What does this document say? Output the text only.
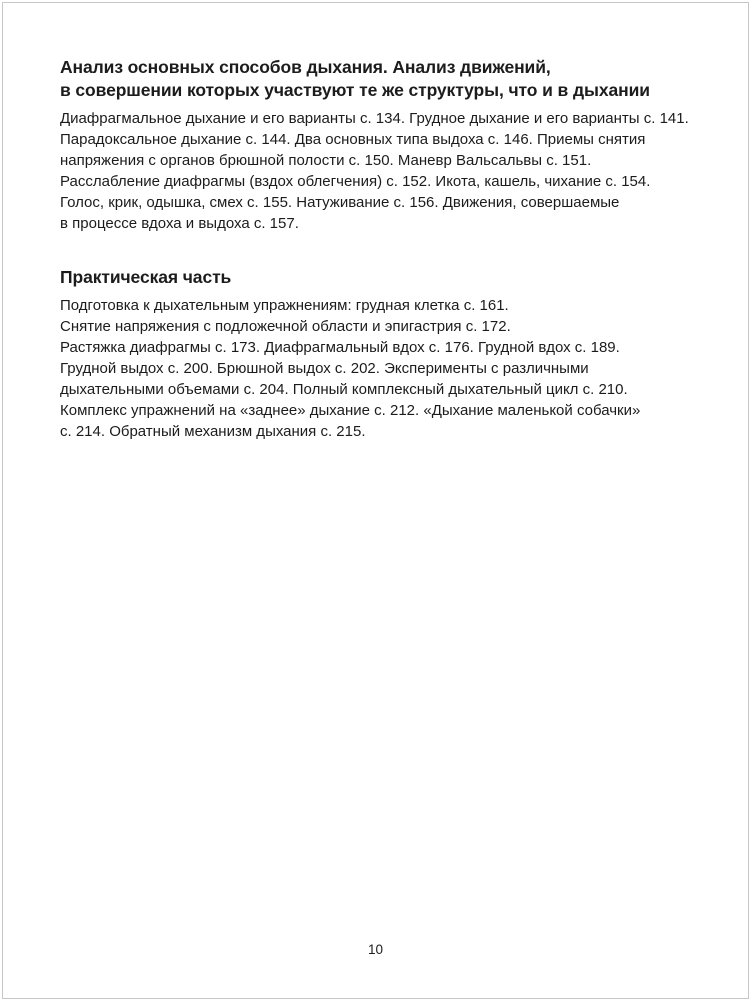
Анализ основных способов дыхания. Анализ движений,
в совершении которых участвуют те же структуры, что и в дыхании
Диафрагмальное дыхание и его варианты с. 134. Грудное дыхание и его варианты с. 141.
Парадоксальное дыхание с. 144. Два основных типа выдоха с. 146. Приемы снятия
напряжения с органов брюшной полости с. 150. Маневр Вальсальвы с. 151.
Расслабление диафрагмы (вздох облегчения) с. 152. Икота, кашель, чихание с. 154.
Голос, крик, одышка, смех с. 155. Натуживание с. 156. Движения, совершаемые
в процессе вдоха и выдоха с. 157.
Практическая часть
Подготовка к дыхательным упражнениям: грудная клетка с. 161.
Снятие напряжения с подложечной области и эпигастрия с. 172.
Растяжка диафрагмы с. 173. Диафрагмальный вдох с. 176. Грудной вдох с. 189.
Грудной выдох с. 200. Брюшной выдох с. 202. Эксперименты с различными
дыхательными объемами с. 204. Полный комплексный дыхательный цикл с. 210.
Комплекс упражнений на «заднее» дыхание с. 212. «Дыхание маленькой собачки»
с. 214. Обратный механизм дыхания с. 215.
10
